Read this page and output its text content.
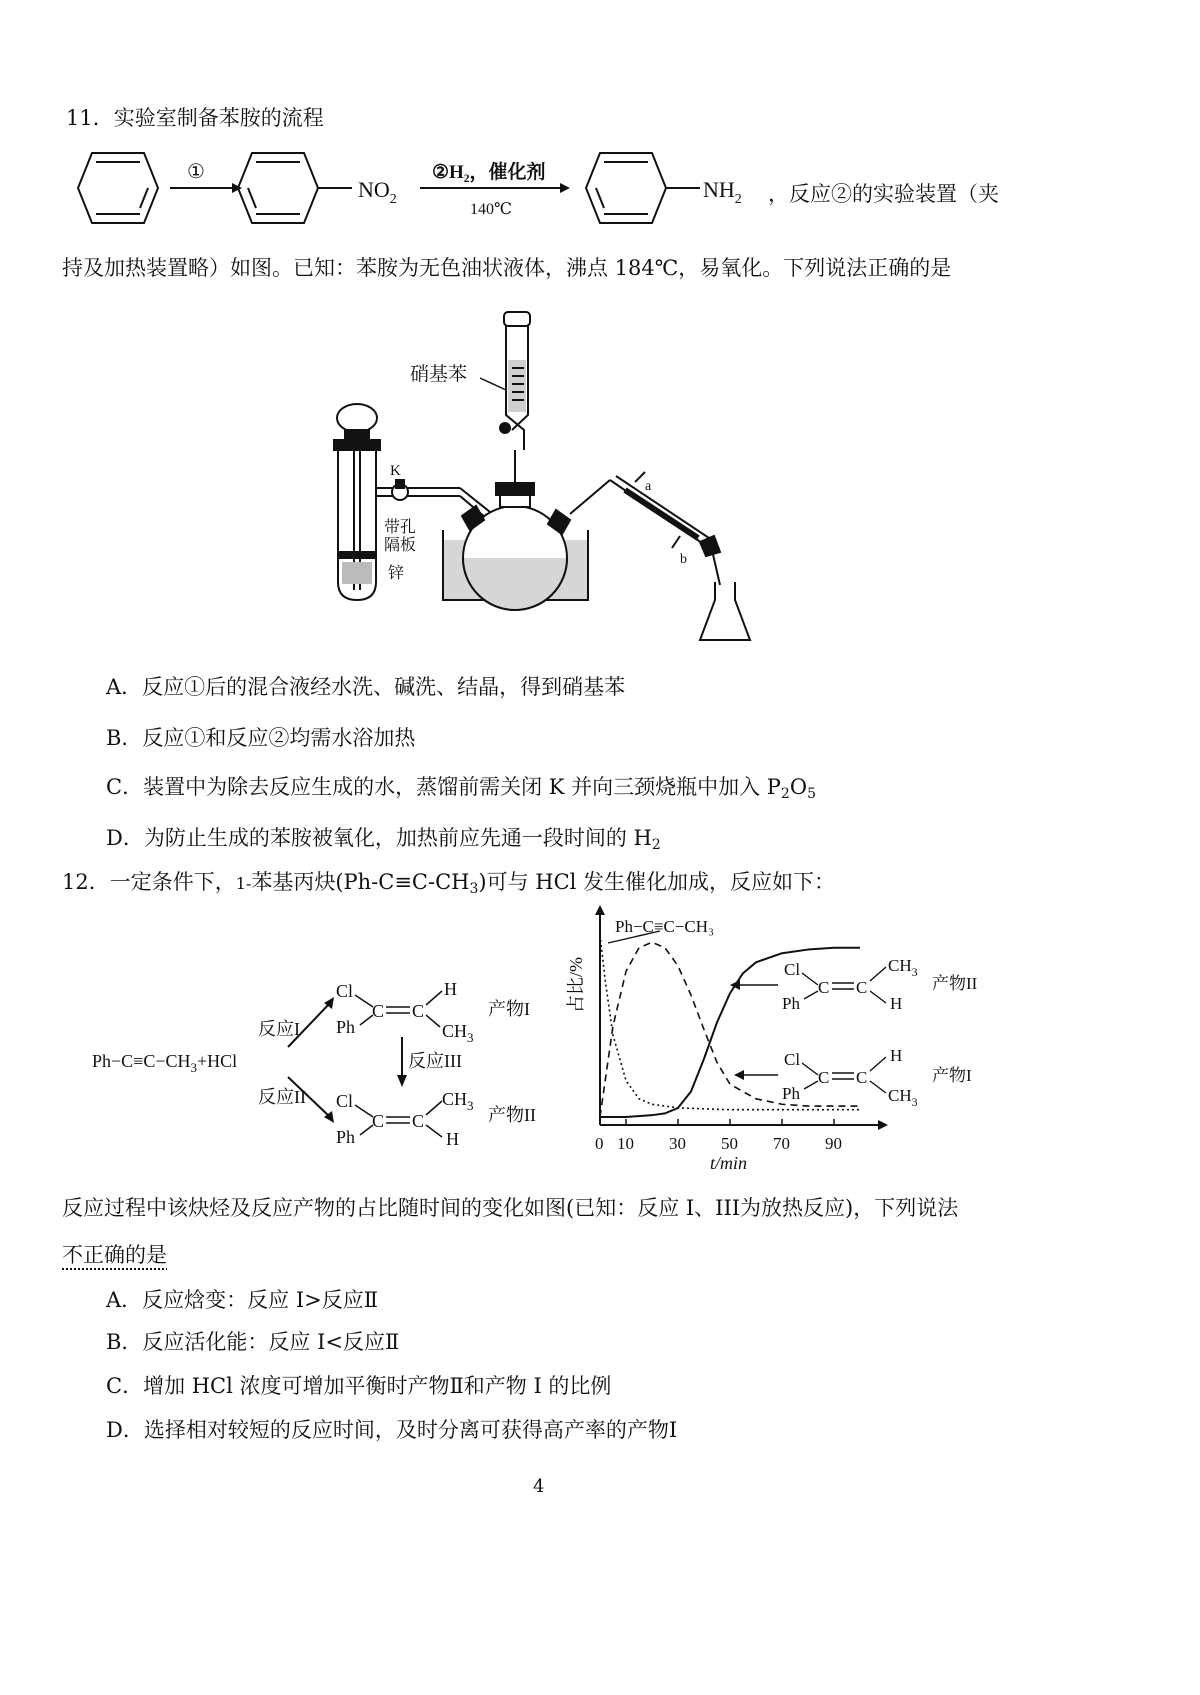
11．实验室制备苯胺的流程
①
$NO_2$
②H₂，催化剂
140℃
$NH_2$ ，反应②的实验装置（夹
持及加热装置略）如图。已知：苯胺为无色油状液体，沸点 184℃，易氧化。下列说法正确的是
硝基苯
K
带孔
隔板
锌
a
b
A．反应①后的混合液经水洗、碱洗、结晶，得到硝基苯
B．反应①和反应②均需水浴加热
C．装置中为除去反应生成的水，蒸馏前需关闭 K 并向三颈烧瓶中加入 $P_2O_5$
D．为防止生成的苯胺被氧化，加热前应先通一段时间的 $H_2$
12．一定条件下，1-苯基丙炔$(Ph-C\equiv C-CH_3)$可与 HCl 发生催化加成，反应如下：
$Ph-C\equiv C-CH_3+HCl$
反应I
反应II
反应III
Cl
Ph
C C
H
$CH_3$
产物I
Cl
Ph
C C
$CH_3$
H
产物II
占比/%
t/min
0 10 30 50 70 90
Ph−C≡C−CH₃
Cl
Ph
C C
$CH_3$
H
产物II
Cl
Ph
C C
H
$CH_3$
产物I
反应过程中该炔烃及反应产物的占比随时间的变化如图(已知：反应 I、III为放热反应)，下列说法
不正确的是
A．反应焓变：反应 I>反应Ⅱ
B．反应活化能：反应 I<反应Ⅱ
C．增加 HCl 浓度可增加平衡时产物Ⅱ和产物 I 的比例
D．选择相对较短的反应时间，及时分离可获得高产率的产物Ⅰ
4
